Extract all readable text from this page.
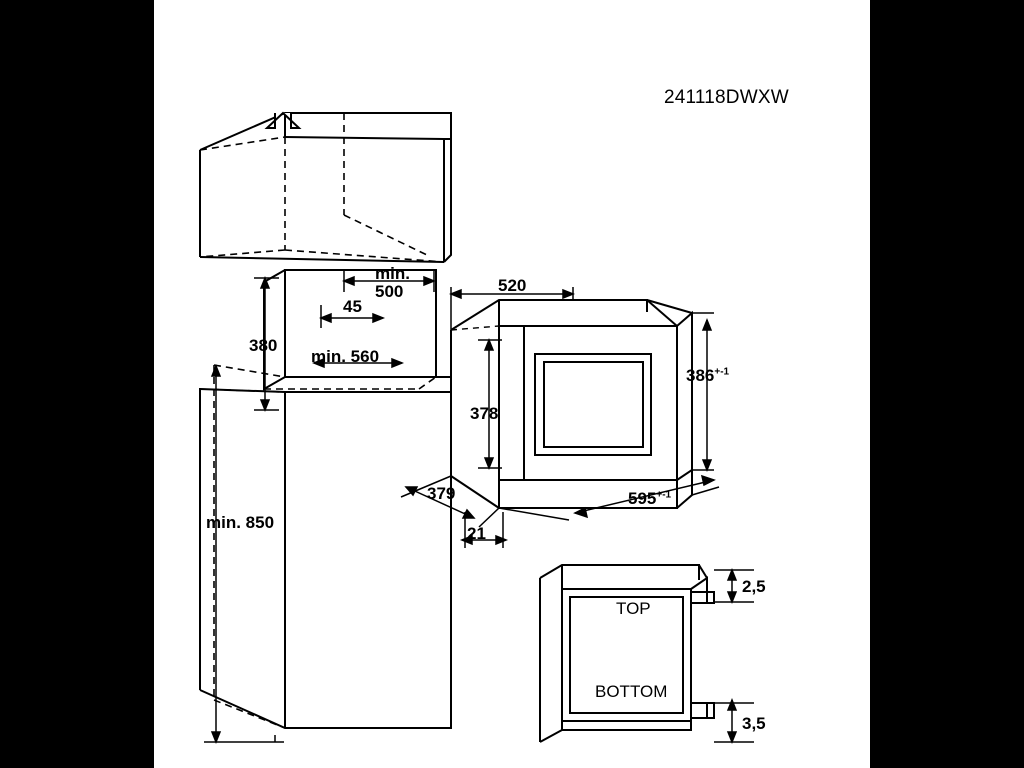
241118DWXW
min.
500
45
380
min. 560
min. 850
520
378
$386^{+-1}$
379
21
$595^{+-1}$
2,5
3,5
TOP
BOTTOM
